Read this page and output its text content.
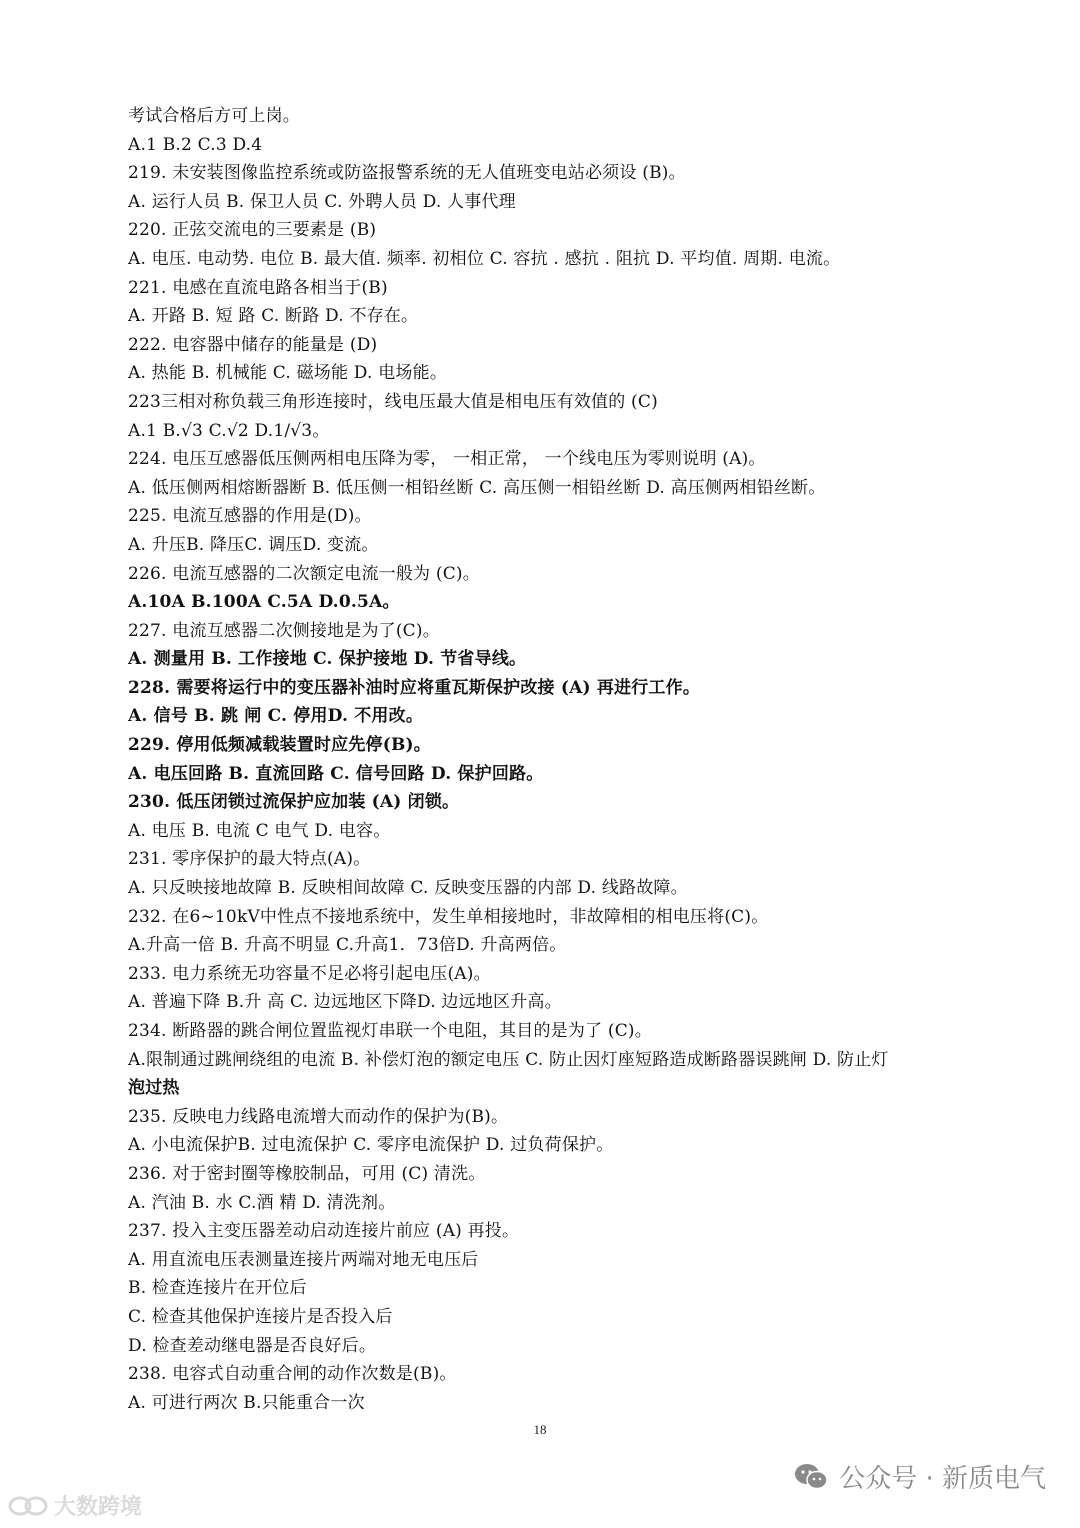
考试合格后方可上岗。
A.1 B.2 C.3 D.4
219. 未安装图像监控系统或防盗报警系统的无人值班变电站必须设 (B)。
A. 运行人员 B. 保卫人员 C. 外聘人员 D. 人事代理
220. 正弦交流电的三要素是 (B)
A. 电压. 电动势. 电位 B. 最大值. 频率. 初相位 C. 容抗 . 感抗 . 阻抗 D. 平均值. 周期. 电流。
221. 电感在直流电路各相当于(B)
A. 开路 B. 短 路 C. 断路 D. 不存在。
222. 电容器中储存的能量是 (D)
A. 热能 B. 机械能 C. 磁场能 D. 电场能。
223三相对称负载三角形连接时，线电压最大值是相电压有效值的 (C)
A.1 B.√3 C.√2 D.1/√3。
224. 电压互感器低压侧两相电压降为零， 一相正常， 一个线电压为零则说明 (A)。
A. 低压侧两相熔断器断 B. 低压侧一相铅丝断 C. 高压侧一相铅丝断 D. 高压侧两相铅丝断。
225. 电流互感器的作用是(D)。
A. 升压B. 降压C. 调压D. 变流。
226. 电流互感器的二次额定电流一般为 (C)。
A.10A B.100A C.5A D.0.5A。
227. 电流互感器二次侧接地是为了(C)。
A. 测量用 B. 工作接地 C. 保护接地 D. 节省导线。
228. 需要将运行中的变压器补油时应将重瓦斯保护改接 (A) 再进行工作。
A. 信号 B. 跳 闸 C. 停用D. 不用改。
229. 停用低频减载装置时应先停(B)。
A. 电压回路 B. 直流回路 C. 信号回路 D. 保护回路。
230. 低压闭锁过流保护应加装 (A) 闭锁。
A. 电压 B. 电流 C 电气 D. 电容。
231. 零序保护的最大特点(A)。
A. 只反映接地故障 B. 反映相间故障 C. 反映变压器的内部 D. 线路故障。
232. 在6~10kV中性点不接地系统中，发生单相接地时，非故障相的相电压将(C)。
A.升高一倍 B. 升高不明显 C.升高1．73倍D. 升高两倍。
233. 电力系统无功容量不足必将引起电压(A)。
A. 普遍下降 B.升 高 C. 边远地区下降D. 边远地区升高。
234. 断路器的跳合闸位置监视灯串联一个电阻，其目的是为了 (C)。
A.限制通过跳闸绕组的电流 B. 补偿灯泡的额定电压 C. 防止因灯座短路造成断路器误跳闸 D. 防止灯
泡过热
235. 反映电力线路电流增大而动作的保护为(B)。
A. 小电流保护B. 过电流保护 C. 零序电流保护 D. 过负荷保护。
236. 对于密封圈等橡胶制品，可用 (C) 清洗。
A. 汽油 B. 水 C.酒 精 D. 清洗剂。
237. 投入主变压器差动启动连接片前应 (A) 再投。
A. 用直流电压表测量连接片两端对地无电压后
B. 检查连接片在开位后
C. 检查其他保护连接片是否投入后
D. 检查差动继电器是否良好后。
238. 电容式自动重合闸的动作次数是(B)。
A. 可进行两次 B.只能重合一次
18
大数跨境
公众号 · 新质电气
